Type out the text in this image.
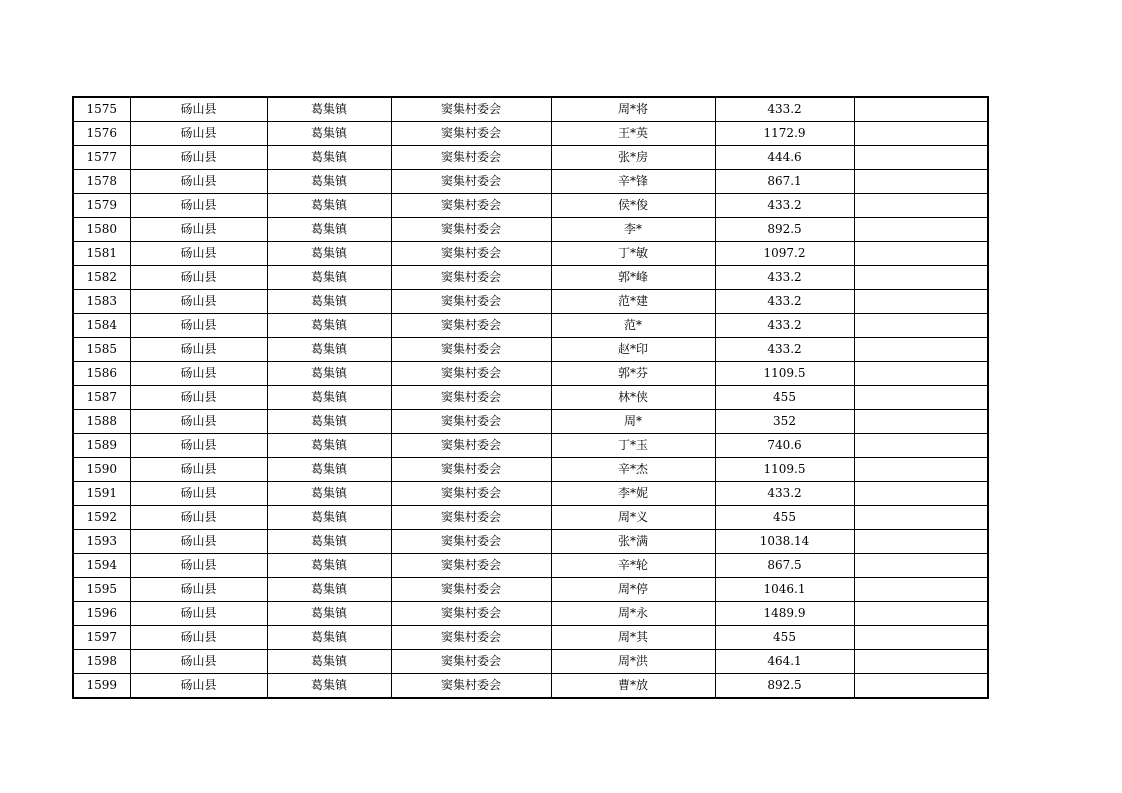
1575	砀山县	葛集镇	窦集村委会	周*将	433.2	
1576	砀山县	葛集镇	窦集村委会	王*英	1172.9	
1577	砀山县	葛集镇	窦集村委会	张*房	444.6	
1578	砀山县	葛集镇	窦集村委会	辛*锋	867.1	
1579	砀山县	葛集镇	窦集村委会	侯*俊	433.2	
1580	砀山县	葛集镇	窦集村委会	李*	892.5	
1581	砀山县	葛集镇	窦集村委会	丁*敏	1097.2	
1582	砀山县	葛集镇	窦集村委会	郭*峰	433.2	
1583	砀山县	葛集镇	窦集村委会	范*建	433.2	
1584	砀山县	葛集镇	窦集村委会	范*	433.2	
1585	砀山县	葛集镇	窦集村委会	赵*印	433.2	
1586	砀山县	葛集镇	窦集村委会	郭*芬	1109.5	
1587	砀山县	葛集镇	窦集村委会	林*侠	455	
1588	砀山县	葛集镇	窦集村委会	周*	352	
1589	砀山县	葛集镇	窦集村委会	丁*玉	740.6	
1590	砀山县	葛集镇	窦集村委会	辛*杰	1109.5	
1591	砀山县	葛集镇	窦集村委会	李*妮	433.2	
1592	砀山县	葛集镇	窦集村委会	周*义	455	
1593	砀山县	葛集镇	窦集村委会	张*满	1038.14	
1594	砀山县	葛集镇	窦集村委会	辛*轮	867.5	
1595	砀山县	葛集镇	窦集村委会	周*停	1046.1	
1596	砀山县	葛集镇	窦集村委会	周*永	1489.9	
1597	砀山县	葛集镇	窦集村委会	周*其	455	
1598	砀山县	葛集镇	窦集村委会	周*洪	464.1	
1599	砀山县	葛集镇	窦集村委会	曹*放	892.5	
